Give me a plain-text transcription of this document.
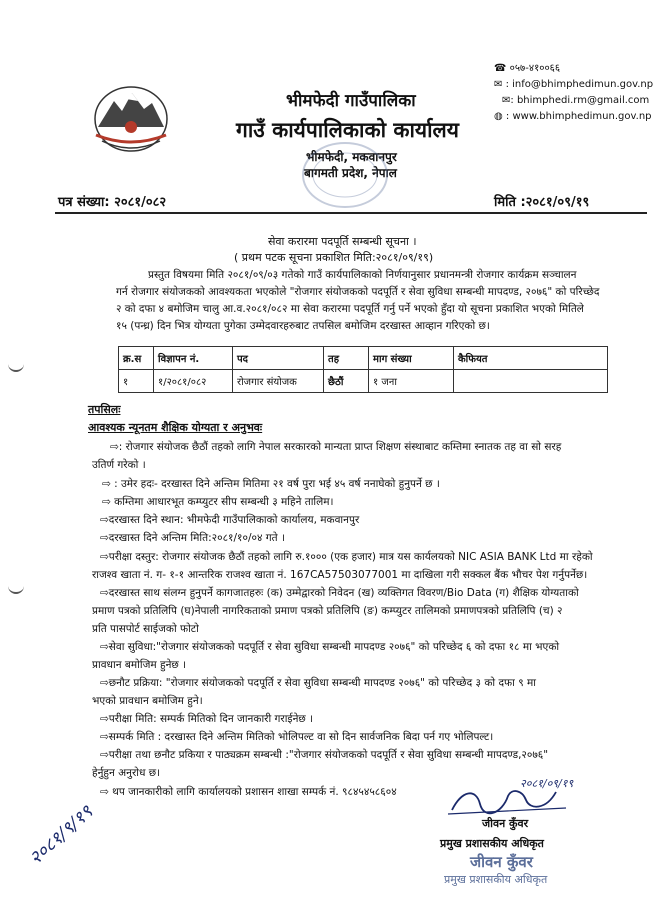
भीमफेदी गाउँपालिका
गाउँ कार्यपालिकाको कार्यालय
भीमफेदी, मकवानपुर
बागमती प्रदेश, नेपाल
☎ ०५७-४१००६६
✉ : info@bhimphedimun.gov.np
✉: bhimphedi.rm@gmail.com
◍ : www.bhimphedimun.gov.np
पत्र संख्या: २०८१/०८२	मिति :२०८१/०९/१९
सेवा करारमा पदपूर्ति सम्बन्धी सूचना ।
( प्रथम पटक सूचना प्रकाशित मिति:२०८१/०९/१९)
प्रस्तुत विषयमा मिति २०८१/०९/०३ गतेको गाउँ कार्यपालिकाको निर्णयानुसार प्रधानमन्त्री रोजगार कार्यक्रम सञ्चालन
गर्न रोजगार संयोजकको आवश्यकता भएकोले "रोजगार संयोजकको पदपूर्ति र सेवा सुविधा सम्बन्धी मापदण्ड, २०७६" को परिच्छेद
२ को दफा ४ बमोजिम चालु आ.व.२०८१/०८२ मा सेवा करारमा पदपूर्ति गर्नु पर्ने भएको हुँदा यो सूचना प्रकाशित भएको मितिले
१५ (पन्ध्र) दिन भित्र योग्यता पुगेका उम्मेदवारहरुबाट तपसिल बमोजिम दरखास्त आव्हान गरिएको छ।
क्र.स	विज्ञापन नं.	पद	तह	माग संख्या	कैफियत
१	१/२०८१/०८२	रोजगार संयोजक	छैठौं	१ जना	
तपसिलः
आवश्यक न्यूनतम शैक्षिक योग्यता र अनुभवः
⇨: रोजगार संयोजक छैठौं तहको लागि नेपाल सरकारको मान्यता प्राप्त शिक्षण संस्थाबाट कम्तिमा स्नातक तह वा सो सरह
उतिर्ण गरेको ।
⇨ : उमेर हदः- दरखास्त दिने अन्तिम मितिमा २१ वर्ष पुरा भई ४५ वर्ष ननाघेको हुनुपर्ने छ ।
⇨ कम्तिमा आधारभूत कम्प्युटर सीप सम्बन्धी ३ महिने तालिम।
⇨दरखास्त दिने स्थान: भीमफेदी गाउँपालिकाको कार्यालय, मकवानपुर
⇨दरखास्त दिने अन्तिम मिति:२०८१/१०/०४ गते ।
⇨परीक्षा दस्तुर: रोजगार संयोजक छैठौं तहको लागि रु.१००० (एक हजार) मात्र यस कार्यलयको NIC ASIA BANK Ltd मा रहेको
राजश्व खाता नं. ग- १-१ आन्तरिक राजश्व खाता नं. 167CA57503077001 मा दाखिला गरी सक्कल बैंक भौचर पेश गर्नुपर्नेछ।
⇨दरखास्त साथ संलग्न हुनुपर्ने कागजातहरुः (क) उम्मेद्वारको निवेदन (ख) व्यक्तिगत विवरण/Bio Data (ग) शैक्षिक योग्यताको
प्रमाण पत्रको प्रतिलिपि (घ)नेपाली नागरिकताको प्रमाण पत्रको प्रतिलिपि (ङ) कम्प्युटर तालिमको प्रमाणपत्रको प्रतिलिपि (च) २
प्रति पासपोर्ट साईजको फोटो
⇨सेवा सुविधा:"रोजगार संयोजकको पदपूर्ति र सेवा सुविधा सम्बन्धी मापदण्ड २०७६" को परिच्छेद ६ को दफा १८ मा भएको
प्रावधान बमोजिम हुनेछ ।
⇨छनौट प्रक्रिया: "रोजगार संयोजकको पदपूर्ति र सेवा सुविधा सम्बन्धी मापदण्ड २०७६" को परिच्छेद ३ को दफा ९ मा
भएको प्रावधान बमोजिम हुने।
⇨परीक्षा मिति: सम्पर्क मितिको दिन जानकारी गराईनेछ ।
⇨सम्पर्क मिति : दरखास्त दिने अन्तिम मितिको भोलिपल्ट वा सो दिन सार्वजनिक बिदा पर्न गए भोलिपल्ट।
⇨परीक्षा तथा छनौट प्रकिया र पाठ्यक्रम सम्बन्धी :"रोजगार संयोजकको पदपूर्ति र सेवा सुविधा सम्बन्धी मापदण्ड,२०७६"
हेर्नुहुन अनुरोध छ।
⇨ थप जानकारीको लागि कार्यालयको प्रशासन शाखा सम्पर्क नं. ९८४५४५८६०४
२०८१/०९/१९
जीवन कुँवर
प्रमुख प्रशासकीय अधिकृत
जीवन कुँवर
प्रमुख प्रशासकीय अधिकृत
२०८१/९/१९
